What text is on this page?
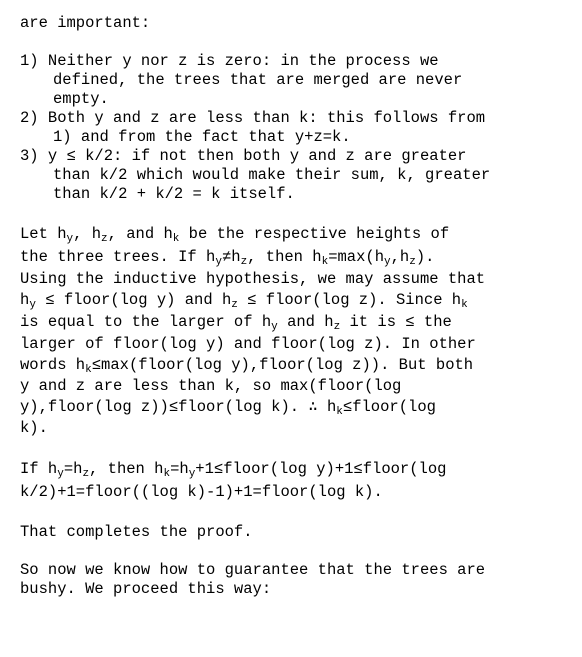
are important:

1) Neither y nor z is zero: in the process we

defined, the trees that are merged are never

empty.

2) Both y and z are less than k: this follows from

1) and from the fact that y+z=k.

3) y ≤ k/2: if not then both y and z are greater

than k/2 which would make their sum, k, greater

than k/2 + k/2 = k itself.

Let $h_y$, $h_z$, and $h_k$ be the respective heights of

the three trees. If $h_y\ne h_z$, then $h_k=\max(h_y,h_z)$.

Using the inductive hypothesis, we may assume that

$h_y$ ≤ floor(log y) and $h_z$ ≤ floor(log z). Since $h_k$

is equal to the larger of $h_y$ and $h_z$ it is ≤ the

larger of floor(log y) and floor(log z). In other

words $h_k\le\max(floor(\log$ y),floor(log z)). But both

y and z are less than k, so max(floor(log

y),floor(log z))≤floor(log k). ∴ $h_k\le floor(\log$

k).

If $h_y=h_z$, then $h_k=h_y+1\le floor(\log$ y)+1≤floor(log

k/2)+1=floor((log k)-1)+1=floor(log k).

That completes the proof.

So now we know how to guarantee that the trees are

bushy. We proceed this way:
